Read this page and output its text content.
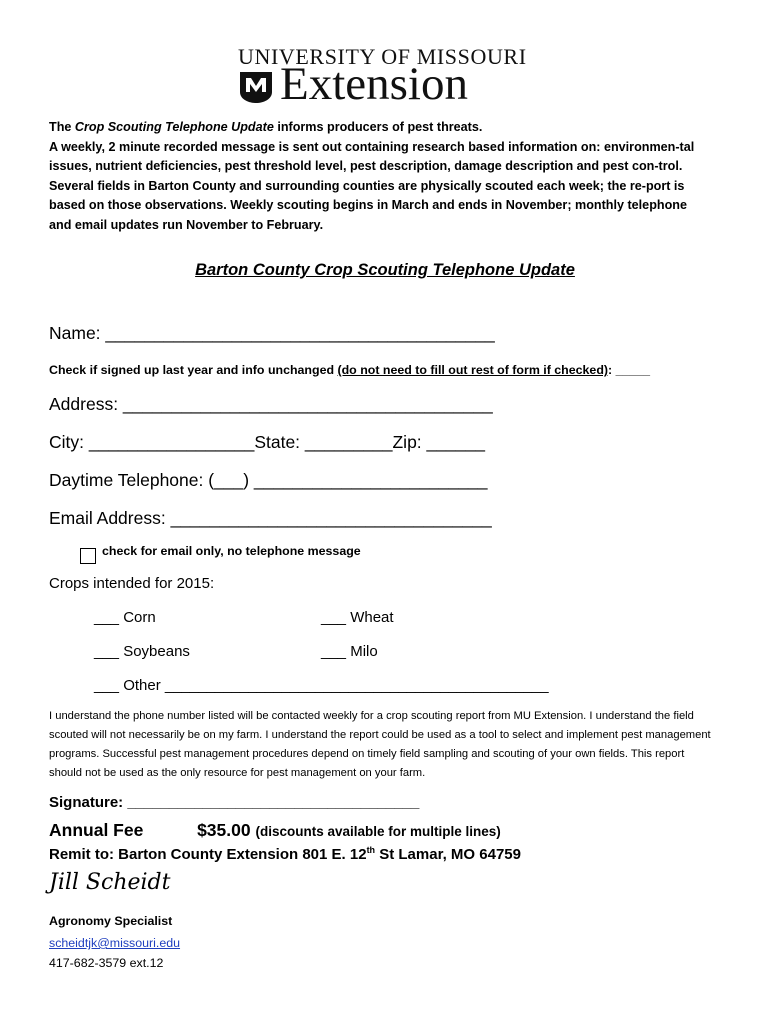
UNIVERSITY OF MISSOURI
Extension
The Crop Scouting Telephone Update informs producers of pest threats.
A weekly, 2 minute recorded message is sent out containing research based information on: environmen-tal issues, nutrient deficiencies, pest threshold level, pest description, damage description and pest con-trol. Several fields in Barton County and surrounding counties are physically scouted each week; the re-port is based on those observations. Weekly scouting begins in March and ends in November; monthly telephone and email updates run November to February.
Barton County Crop Scouting Telephone Update
Name: ________________________________________
Check if signed up last year and info unchanged (do not need to fill out rest of form if checked): _____
Address: ______________________________________
City: _________________State: _________Zip: ______
Daytime Telephone: (___) ________________________
Email Address: _________________________________
check for email only, no telephone message
Crops intended for 2015:
___ Corn	___ Wheat
___ Soybeans	___ Milo
___ Other ______________________________________________
I understand the phone number listed will be contacted weekly for a crop scouting report from MU Extension. I understand the field scouted will not necessarily be on my farm. I understand the report could be used as a tool to select and implement pest management programs. Successful pest management procedures depend on timely field sampling and scouting of your own fields. This report should not be used as the only resource for pest management on your farm.
Signature: ___________________________________
Annual Fee	$35.00 (discounts available for multiple lines)
Remit to: Barton County Extension 801 E. 12th St Lamar, MO 64759
Jill Scheidt
Agronomy Specialist
scheidtjk@missouri.edu
417-682-3579 ext.12
